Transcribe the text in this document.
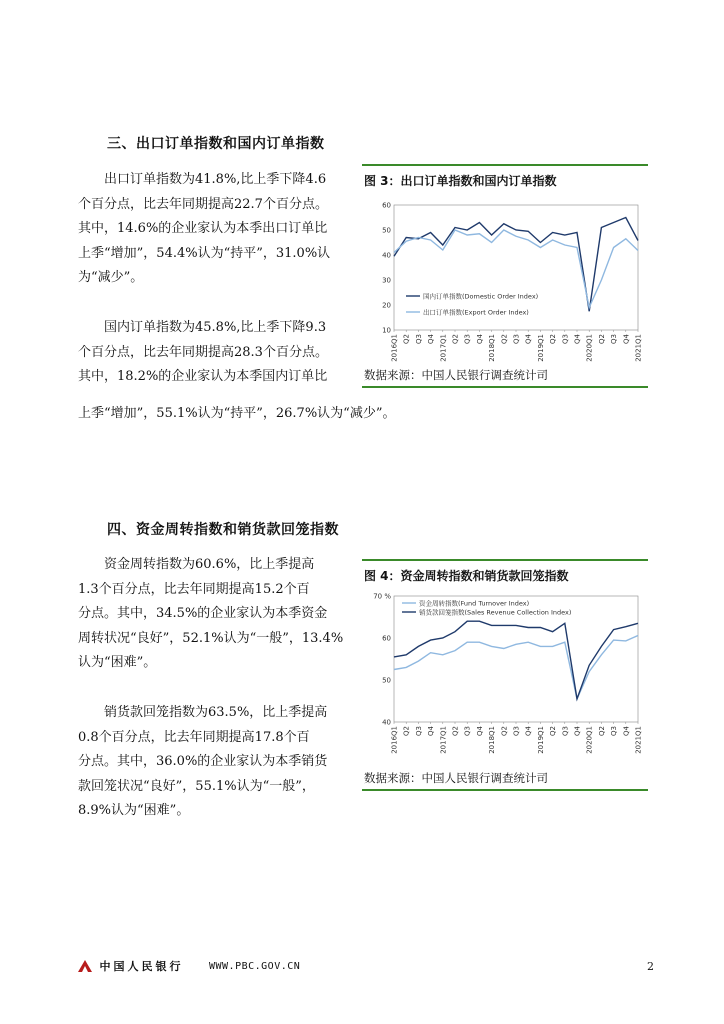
三、出口订单指数和国内订单指数

出口订单指数为41.8%,比上季下降4.6

个百分点，比去年同期提高22.7个百分点。

其中，14.6%的企业家认为本季出口订单比

上季“增加”，54.4%认为“持平”，31.0%认

为“减少”。

国内订单指数为45.8%,比上季下降9.3

个百分点，比去年同期提高28.3个百分点。

其中，18.2%的企业家认为本季国内订单比

上季“增加”，55.1%认为“持平”，26.7%认为“减少”。
图 3：出口订单指数和国内订单指数
10
20
30
40
50
60
2016Q1 Q2 Q3 Q4 2017Q1 Q2 Q3 Q4 2018Q1 Q2 Q3 Q4 2019Q1 Q2 Q3 Q4 2020Q1 Q2 Q3 Q4 2021Q1
国内订单指数(Domestic Order Index)
出口订单指数(Export Order Index)
数据来源：中国人民银行调查统计司
四、资金周转指数和销货款回笼指数

资金周转指数为60.6%，比上季提高

1.3个百分点，比去年同期提高15.2个百

分点。其中，34.5%的企业家认为本季资金

周转状况“良好”，52.1%认为“一般”，13.4%

认为“困难”。

销货款回笼指数为63.5%，比上季提高

0.8个百分点，比去年同期提高17.8个百

分点。其中，36.0%的企业家认为本季销货

款回笼状况“良好”，55.1%认为“一般”，

8.9%认为“困难”。

图 4：资金周转指数和销货款回笼指数
40
50
60
70 %
2016Q1 Q2 Q3 Q4 2017Q1 Q2 Q3 Q4 2018Q1 Q2 Q3 Q4 2019Q1 Q2 Q3 Q4 2020Q1 Q2 Q3 Q4 2021Q1
资金周转指数(Fund Turnover Index)
销货款回笼指数(Sales Revenue Collection Index)
数据来源：中国人民银行调查统计司
中国人民银行	WWW.PBC.GOV.CN	2
